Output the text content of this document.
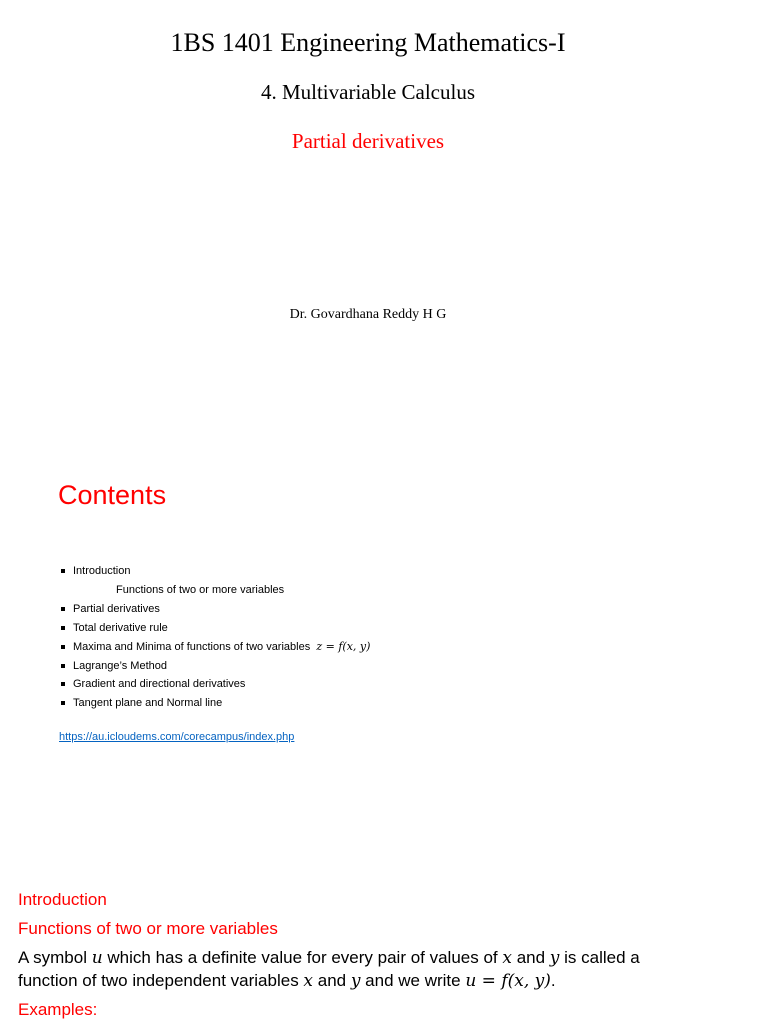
1BS 1401 Engineering Mathematics-I
4. Multivariable Calculus
Partial derivatives
Dr. Govardhana Reddy H G
Contents
Introduction
Functions of two or more variables
Partial derivatives
Total derivative rule
Maxima and Minima of functions of two variables z = f(x, y)
Lagrange’s Method
Gradient and directional derivatives
Tangent plane and Normal line
https://au.icloudems.com/corecampus/index.php
Introduction
Functions of two or more variables
A symbol u which has a definite value for every pair of values of x and y is called a
function of two independent variables x and y and we write u = f(x, y).
Examples:
